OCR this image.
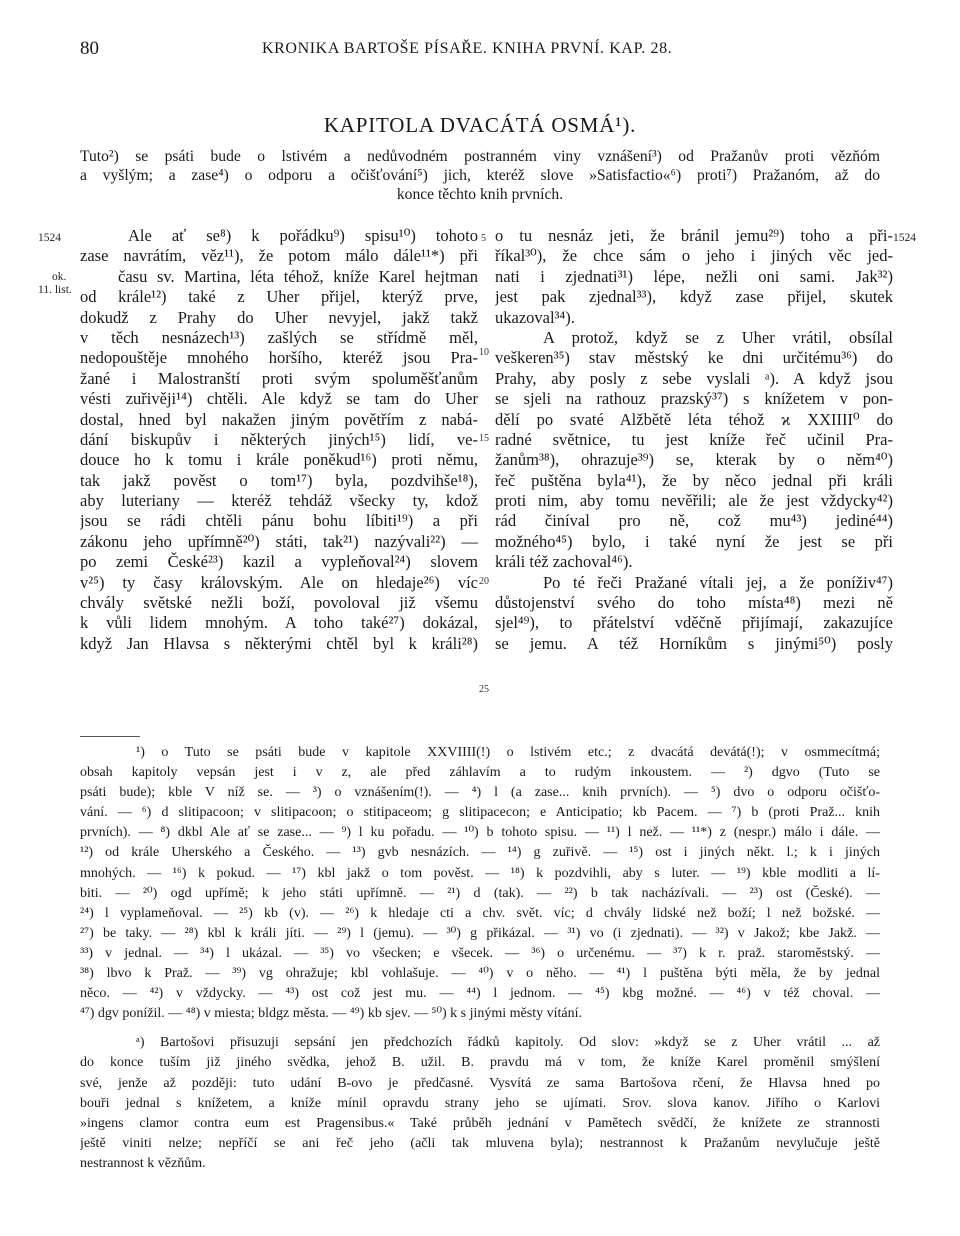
80	KRONIKA BARTOŠE PÍSAŘE. KNIHA PRVNÍ. KAP. 28.
KAPITOLA DVACÁTÁ OSMÁ¹).
Tuto²) se psáti bude o lstivém a nedůvodném postranném viny vznášení³) od Pražanův proti vězňóm
a vyšlým; a zase⁴) o odporu a očišťování⁵) jich, kteréž slove »Satisfactio«⁶) proti⁷) Pražanóm, až do
konce těchto knih prvních.
1524	1524
ok.
11. list.
5
10
15
20
25
Ale ať se⁸) k pořádku⁹) spisu¹⁰) tohoto
zase navrátím, věz¹¹), že potom málo dále¹¹*) při
času sv. Martina, léta téhož, kníže Karel hejtman
od krále¹²) také z Uher přijel, kterýž prve,
dokudž z Prahy do Uher nevyjel, jakž takž
v těch nesnázech¹³) zašlých se střídmě měl,
nedopouštěje mnohého horšího, kteréž jsou Pra-
žané i Malostranští proti svým spoluměšťanům
vésti zuřivěji¹⁴) chtěli. Ale když se tam do Uher
dostal, hned byl nakažen jiným povětřím z nabá-
dání biskupův i některých jiných¹⁵) lidí, ve-
douce ho k tomu i krále poněkud¹⁶) proti němu,
tak jakž pověst o tom¹⁷) byla, pozdvihše¹⁸),
aby luteriany — kteréž tehdáž všecky ty, kdož
jsou se rádi chtěli pánu bohu líbiti¹⁹) a při
zákonu jeho upřímně²⁰) státi, tak²¹) nazývali²²) —
po zemi České²³) kazil a vypleňoval²⁴) slovem
v²⁵) ty časy královským. Ale on hledaje²⁶) víc
chvály světské nežli boží, povoloval již všemu
k vůli lidem mnohým. A toho také²⁷) dokázal,
když Jan Hlavsa s některými chtěl byl k králi²⁸)
o tu nesnáz jeti, že bránil jemu²⁹) toho a při-
říkal³⁰), že chce sám o jeho i jiných věc jed-
nati i zjednati³¹) lépe, nežli oni sami. Jak³²)
jest pak zjednal³³), když zase přijel, skutek
ukazoval³⁴).
A protož, když se z Uher vrátil, obsílal
veškeren³⁵) stav městský ke dni určitému³⁶) do
Prahy, aby posly z sebe vyslali ᵃ). A když jsou
se sjeli na rathouz prazský³⁷) s knížetem v pon-
dělí po svaté Alžbětě léta téhož ϰ XXIIII⁰ do
radné světnice, tu jest kníže řeč učinil Pra-
žanům³⁸), ohrazuje³⁹) se, kterak by o něm⁴⁰)
řeč puštěna byla⁴¹), že by něco jednal při králi
proti nim, aby tomu nevěřili; ale že jest vždycky⁴²)
rád činíval pro ně, což mu⁴³) jediné⁴⁴)
možného⁴⁵) bylo, i také nyní že jest se při
králi též zachoval⁴⁶).
Po té řeči Pražané vítali jej, a že poníživ⁴⁷)
důstojenství svého do toho místa⁴⁸) mezi ně
sjel⁴⁹), to přátelství vděčně přijímají, zakazujíce
se jemu. A též Horníkům s jinými⁵⁰) posly
¹) o Tuto se psáti bude v kapitole XXVIIII(!) o lstivém etc.; z dvacátá devátá(!); v osmmecítmá;
obsah kapitoly vepsán jest i v z, ale před záhlavím a to rudým inkoustem. — ²) dgvo (Tuto se
psáti bude); kble V níž se. — ³) o vznášením(!). — ⁴) l (a zase... knih prvních). — ⁵) dvo o odporu očišťo-
vání. — ⁶) d slitipacoon; v slitipacoon; o stitipaceom; g slitipacecon; e Anticipatio; kb Pacem. — ⁷) b (proti Praž... knih
prvních). — ⁸) dkbl Ale ať se zase... — ⁹) l ku pořadu. — ¹⁰) b tohoto spisu. — ¹¹) l než. — ¹¹*) z (nespr.) málo i dále. —
¹²) od krále Uherského a Českého. — ¹³) gvb nesnázích. — ¹⁴) g zuřivě. — ¹⁵) ost i jiných někt. l.; k i jiných
mnohých. — ¹⁶) k pokud. — ¹⁷) kbl jakž o tom pověst. — ¹⁸) k pozdvihli, aby s luter. — ¹⁹) kble modliti a lí-
biti. — ²⁰) ogd upřímě; k jeho státi upřímně. — ²¹) d (tak). — ²²) b tak nacházívali. — ²³) ost (České). —
²⁴) l vyplameňoval. — ²⁵) kb (v). — ²⁶) k hledaje cti a chv. svět. víc; d chvály lidské než boží; l než božské. —
²⁷) be taky. — ²⁸) kbl k králi jíti. — ²⁹) l (jemu). — ³⁰) g přikázal. — ³¹) vo (i zjednati). — ³²) v Jakož; kbe Jakž. —
³³) v jednal. — ³⁴) l ukázal. — ³⁵) vo všecken; e všecek. — ³⁶) o určenému. — ³⁷) k r. praž. staroměstský. —
³⁸) lbvo k Praž. — ³⁹) vg ohražuje; kbl vohlašuje. — ⁴⁰) v o něho. — ⁴¹) l puštěna býti měla, že by jednal
něco. — ⁴²) v vždycky. — ⁴³) ost což jest mu. — ⁴⁴) l jednom. — ⁴⁵) kbg možné. — ⁴⁶) v též choval. —
⁴⁷) dgv ponížil. — ⁴⁸) v miesta; bldgz města. — ⁴⁹) kb sjev. — ⁵⁰) k s jinými městy vítání.
ᵃ) Bartošovi přisuzuji sepsání jen předchozích řádků kapitoly. Od slov: »když se z Uher vrátil ... až
do konce tuším již jiného svědka, jehož B. užil. B. pravdu má v tom, že kníže Karel proměnil smýšlení
své, jenže až později: tuto udání B-ovo je předčasné. Vysvítá ze sama Bartošova rčení, že Hlavsa hned po
bouři jednal s knížetem, a kníže mínil opravdu strany jeho se ujímati. Srov. slova kanov. Jiřího o Karlovi
»ingens clamor contra eum est Pragensibus.« Také průběh jednání v Pamětech svědčí, že knížete ze strannosti
ještě viniti nelze; nepříčí se ani řeč jeho (ačli tak mluvena byla); nestrannost k Pražanům nevylučuje ještě
nestrannost k vězňům.
